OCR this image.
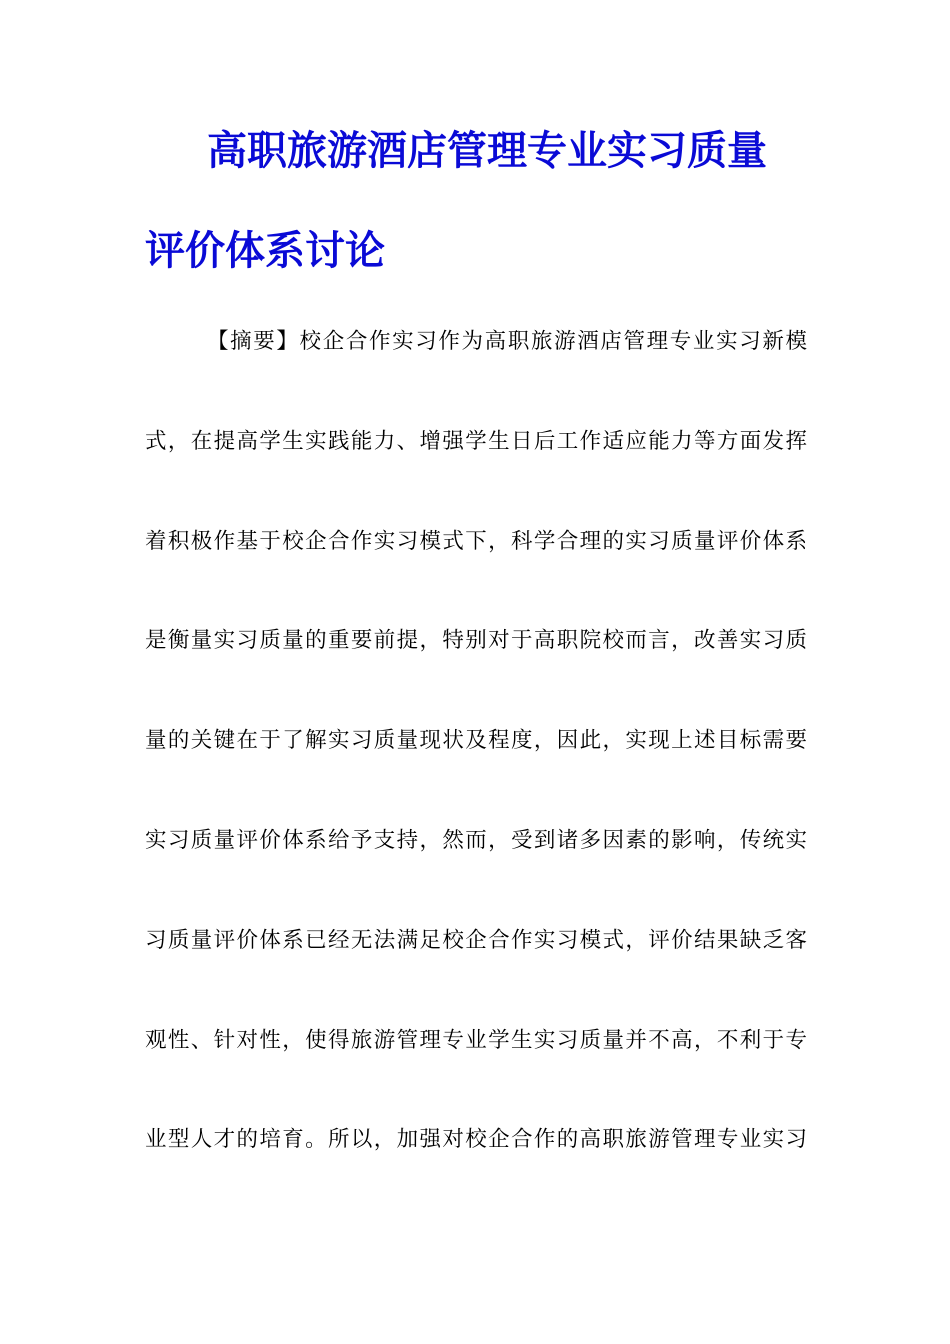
高职旅游酒店管理专业实习质量
评价体系讨论
【摘要】校企合作实习作为高职旅游酒店管理专业实习新模
式，在提高学生实践能力、增强学生日后工作适应能力等方面发挥
着积极作基于校企合作实习模式下，科学合理的实习质量评价体系
是衡量实习质量的重要前提，特别对于高职院校而言，改善实习质
量的关键在于了解实习质量现状及程度，因此，实现上述目标需要
实习质量评价体系给予支持，然而，受到诸多因素的影响，传统实
习质量评价体系已经无法满足校企合作实习模式，评价结果缺乏客
观性、针对性，使得旅游管理专业学生实习质量并不高，不利于专
业型人才的培育。所以，加强对校企合作的高职旅游管理专业实习
